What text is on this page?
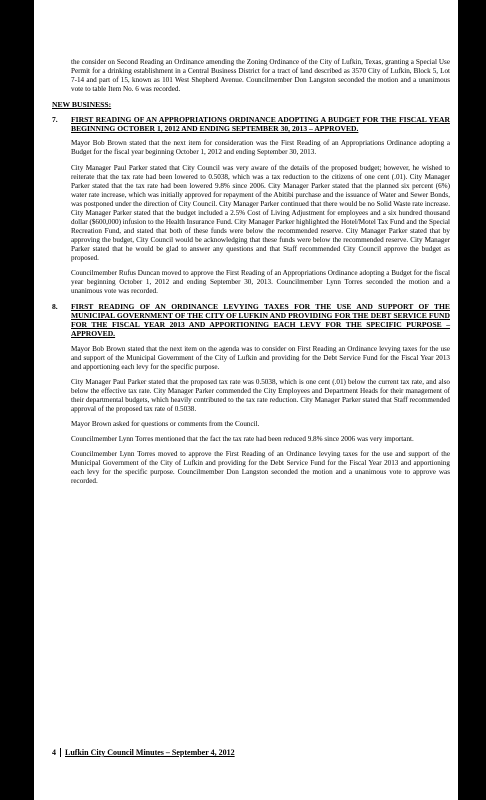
the consider on Second Reading an Ordinance amending the Zoning Ordinance of the City of Lufkin, Texas, granting a Special Use Permit for a drinking establishment in a Central Business District for a tract of land described as 3570 City of Lufkin, Block 5, Lot 7-14 and part of 15, known as 101 West Shepherd Avenue. Councilmember Don Langston seconded the motion and a unanimous vote to table Item No. 6 was recorded.

NEW BUSINESS:
7.	FIRST READING OF AN APPROPRIATIONS ORDINANCE ADOPTING A BUDGET FOR THE FISCAL YEAR BEGINNING OCTOBER 1, 2012 AND ENDING SEPTEMBER 30, 2013 – APPROVED.

Mayor Bob Brown stated that the next item for consideration was the First Reading of an Appropriations Ordinance adopting a Budget for the fiscal year beginning October 1, 2012 and ending September 30, 2013.

City Manager Paul Parker stated that City Council was very aware of the details of the proposed budget; however, he wished to reiterate that the tax rate had been lowered to 0.5038, which was a tax reduction to the citizens of one cent (.01). City Manager Parker stated that the tax rate had been lowered 9.8% since 2006. City Manager Parker stated that the planned six percent (6%) water rate increase, which was initially approved for repayment of the Abitibi purchase and the issuance of Water and Sewer Bonds, was postponed under the direction of City Council. City Manager Parker continued that there would be no Solid Waste rate increase. City Manager Parker stated that the budget included a 2.5% Cost of Living Adjustment for employees and a six hundred thousand dollar ($600,000) infusion to the Health Insurance Fund. City Manager Parker highlighted the Hotel/Motel Tax Fund and the Special Recreation Fund, and stated that both of these funds were below the recommended reserve. City Manager Parker stated that by approving the budget, City Council would be acknowledging that these funds were below the recommended reserve. City Manager Parker stated that he would be glad to answer any questions and that Staff recommended City Council approve the budget as proposed.

Councilmember Rufus Duncan moved to approve the First Reading of an Appropriations Ordinance adopting a Budget for the fiscal year beginning October 1, 2012 and ending September 30, 2013. Councilmember Lynn Torres seconded the motion and a unanimous vote was recorded.

8.	FIRST READING OF AN ORDINANCE LEVYING TAXES FOR THE USE AND SUPPORT OF THE MUNICIPAL GOVERNMENT OF THE CITY OF LUFKIN AND PROVIDING FOR THE DEBT SERVICE FUND FOR THE FISCAL YEAR 2013 AND APPORTIONING EACH LEVY FOR THE SPECIFIC PURPOSE – APPROVED.

Mayor Bob Brown stated that the next item on the agenda was to consider on First Reading an Ordinance levying taxes for the use and support of the Municipal Government of the City of Lufkin and providing for the Debt Service Fund for the Fiscal Year 2013 and apportioning each levy for the specific purpose.

City Manager Paul Parker stated that the proposed tax rate was 0.5038, which is one cent (.01) below the current tax rate, and also below the effective tax rate. City Manager Parker commended the City Employees and Department Heads for their management of their departmental budgets, which heavily contributed to the tax rate reduction. City Manager Parker stated that Staff recommended approval of the proposed tax rate of 0.5038.

Mayor Brown asked for questions or comments from the Council.

Councilmember Lynn Torres mentioned that the fact the tax rate had been reduced 9.8% since 2006 was very important.

Councilmember Lynn Torres moved to approve the First Reading of an Ordinance levying taxes for the use and support of the Municipal Government of the City of Lufkin and providing for the Debt Service Fund for the Fiscal Year 2013 and apportioning each levy for the specific purpose. Councilmember Don Langston seconded the motion and a unanimous vote to approve was recorded.

4	Lufkin City Council Minutes – September 4, 2012
